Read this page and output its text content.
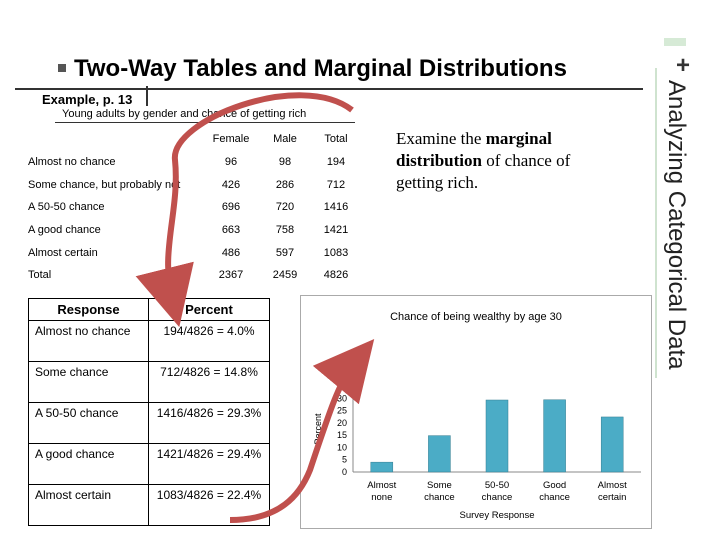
+
Analyzing Categorical Data
Two-Way Tables and Marginal Distributions
Example, p. 13
Young adults by gender and chance of getting rich
	Female	Male	Total
Almost no chance	96	98	194
Some chance, but probably not	426	286	712
A 50-50 chance	696	720	1416
A good chance	663	758	1421
Almost certain	486	597	1083
Total	2367	2459	4826
Examine the marginal distribution of chance of getting rich.
Response	Percent
Almost no chance	194/4826 = 4.0%
Some chance	712/4826 = 14.8%
A 50-50 chance	1416/4826 = 29.3%
A good chance	1421/4826 = 29.4%
Almost certain	1083/4826 = 22.4%
Chance of being wealthy by age 30
0
5
10
15
20
25
30
35
Percent
Almost
none
Some
chance
50-50
chance
Good
chance
Almost
certain
Survey Response
